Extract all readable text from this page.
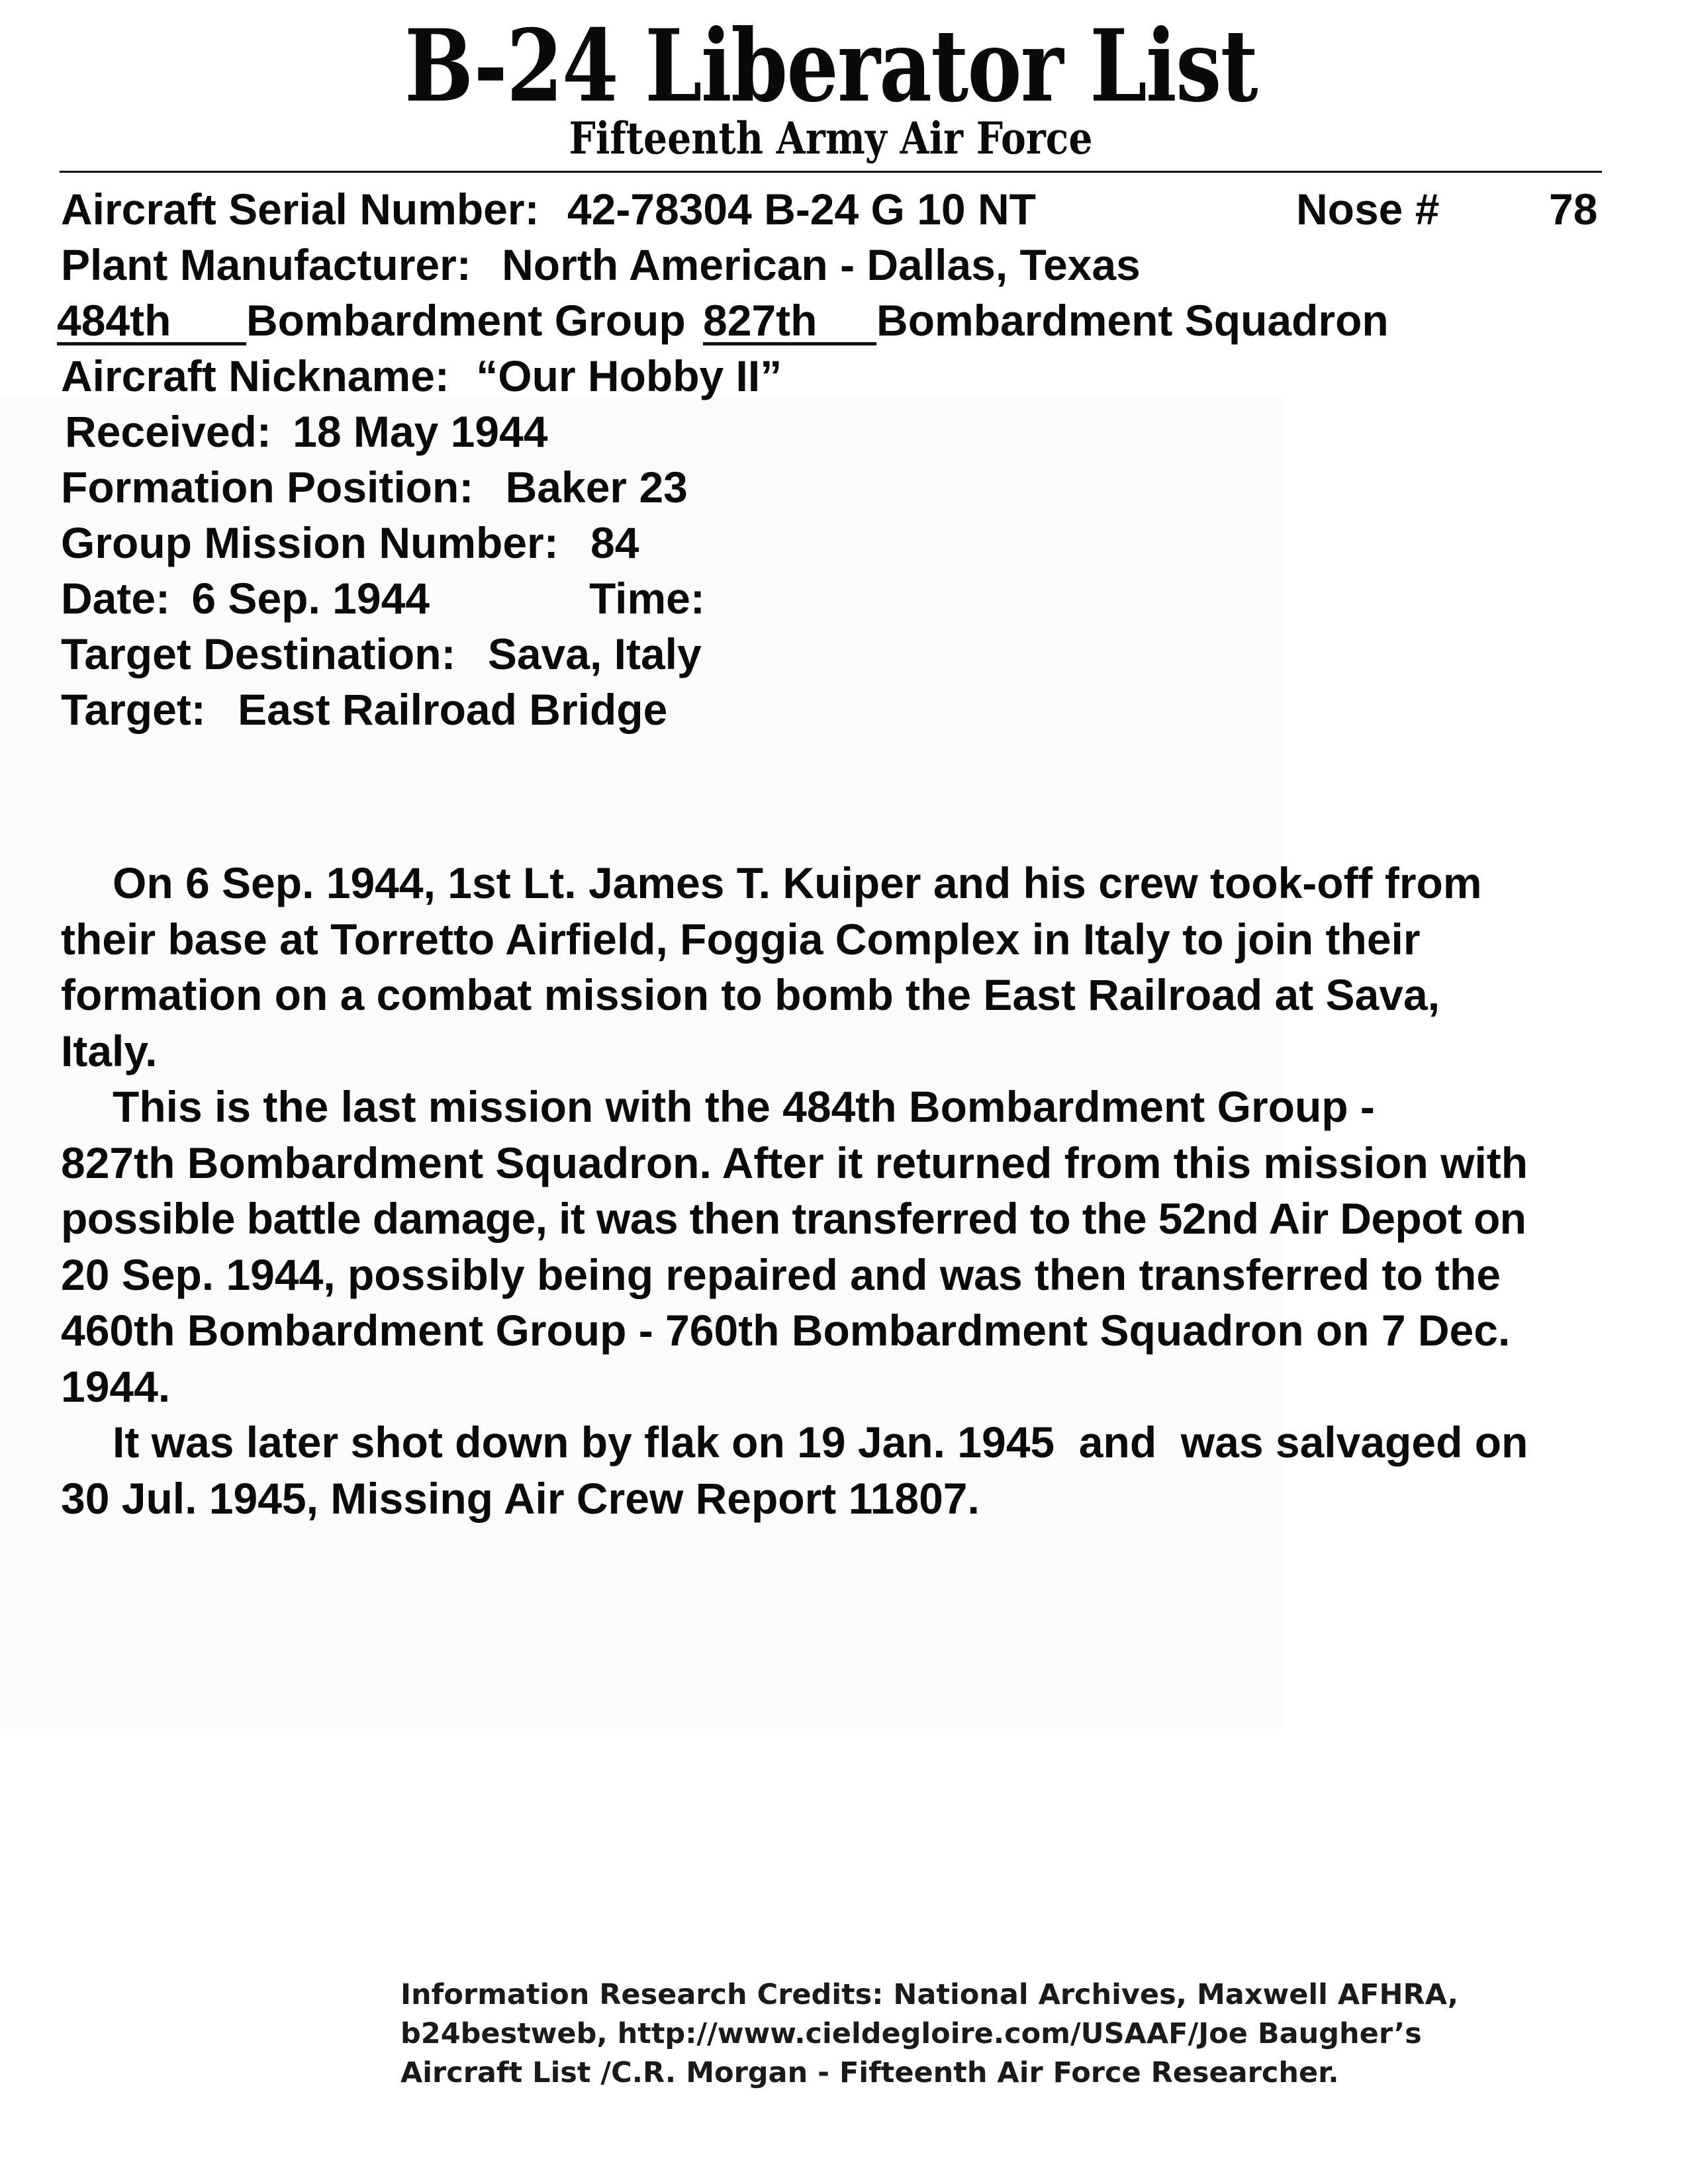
B-24 Liberator List
Fifteenth Army Air Force
Aircraft Serial Number: 42-78304 B-24 G 10 NT	Nose #	78
Plant Manufacturer: North American - Dallas, Texas
484th Bombardment Group 827th Bombardment Squadron
Aircraft Nickname: “Our Hobby II”
Received: 18 May 1944
Formation Position: Baker 23
Group Mission Number: 84
Date: 6 Sep. 1944	Time:
Target Destination: Sava, Italy
Target: East Railroad Bridge
On 6 Sep. 1944, 1st Lt. James T. Kuiper and his crew took-off from
their base at Torretto Airfield, Foggia Complex in Italy to join their
formation on a combat mission to bomb the East Railroad at Sava,
Italy.
This is the last mission with the 484th Bombardment Group -
827th Bombardment Squadron. After it returned from this mission with
possible battle damage, it was then transferred to the 52nd Air Depot on
20 Sep. 1944, possibly being repaired and was then transferred to the
460th Bombardment Group - 760th Bombardment Squadron on 7 Dec.
1944.
It was later shot down by flak on 19 Jan. 1945  and  was salvaged on
30 Jul. 1945, Missing Air Crew Report 11807.
Information Research Credits: National Archives, Maxwell AFHRA,
b24bestweb, http://www.cieldegloire.com/USAAF/Joe Baugher’s
Aircraft List /C.R. Morgan - Fifteenth Air Force Researcher.
